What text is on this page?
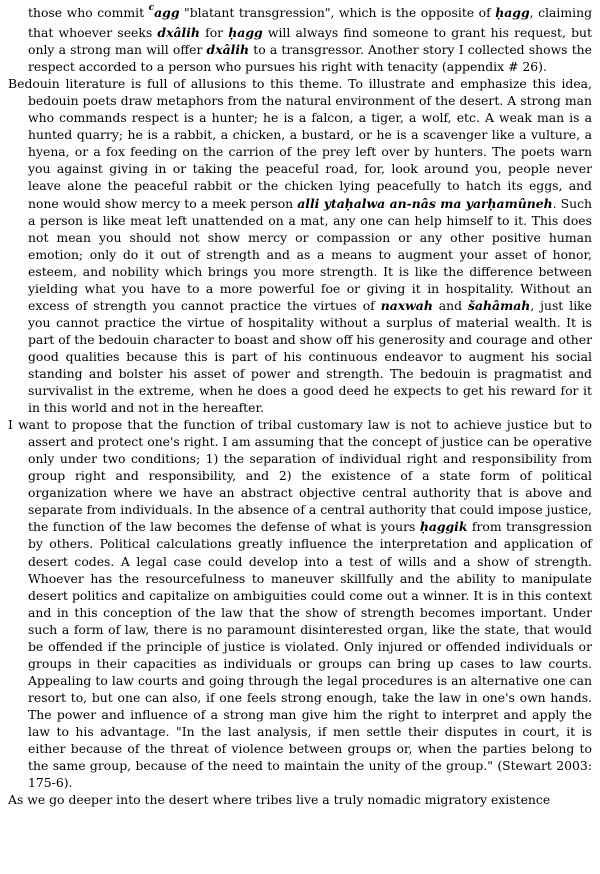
those who commit $^c$agg "blatant transgression", which is the opposite of ḥagg, claiming that whoever seeks dxâlih for ḥagg will always find someone to grant his request, but only a strong man will offer dxâlih to a transgressor. Another story I collected shows the respect accorded to a person who pursues his right with tenacity (appendix # 26).

Bedouin literature is full of allusions to this theme. To illustrate and emphasize this idea, bedouin poets draw metaphors from the natural environment of the desert. A strong man who commands respect is a hunter; he is a falcon, a tiger, a wolf, etc. A weak man is a hunted quarry; he is a rabbit, a chicken, a bustard, or he is a scavenger like a vulture, a hyena, or a fox feeding on the carrion of the prey left over by hunters. The poets warn you against giving in or taking the peaceful road, for, look around you, people never leave alone the peaceful rabbit or the chicken lying peacefully to hatch its eggs, and none would show mercy to a meek person alli ytaḥalwa an-nâs ma yarḥamûneh. Such a person is like meat left unattended on a mat, any one can help himself to it. This does not mean you should not show mercy or compassion or any other positive human emotion; only do it out of strength and as a means to augment your asset of honor, esteem, and nobility which brings you more strength. It is like the difference between yielding what you have to a more powerful foe or giving it in hospitality. Without an excess of strength you cannot practice the virtues of naxwah and šahâmah, just like you cannot practice the virtue of hospitality without a surplus of material wealth. It is part of the bedouin character to boast and show off his generosity and courage and other good qualities because this is part of his continuous endeavor to augment his social standing and bolster his asset of power and strength. The bedouin is pragmatist and survivalist in the extreme, when he does a good deed he expects to get his reward for it in this world and not in the hereafter.

I want to propose that the function of tribal customary law is not to achieve justice but to assert and protect one's right. I am assuming that the concept of justice can be operative only under two conditions; 1) the separation of individual right and responsibility from group right and responsibility, and 2) the existence of a state form of political organization where we have an abstract objective central authority that is above and separate from individuals. In the absence of a central authority that could impose justice, the function of the law becomes the defense of what is yours ḥaggik from transgression by others. Political calculations greatly influence the interpretation and application of desert codes. A legal case could develop into a test of wills and a show of strength. Whoever has the resourcefulness to maneuver skillfully and the ability to manipulate desert politics and capitalize on ambiguities could come out a winner. It is in this context and in this conception of the law that the show of strength becomes important. Under such a form of law, there is no paramount disinterested organ, like the state, that would be offended if the principle of justice is violated. Only injured or offended individuals or groups in their capacities as individuals or groups can bring up cases to law courts. Appealing to law courts and going through the legal procedures is an alternative one can resort to, but one can also, if one feels strong enough, take the law in one's own hands. The power and influence of a strong man give him the right to interpret and apply the law to his advantage. "In the last analysis, if men settle their disputes in court, it is either because of the threat of violence between groups or, when the parties belong to the same group, because of the need to maintain the unity of the group." (Stewart 2003: 175-6).

As we go deeper into the desert where tribes live a truly nomadic migratory existence
